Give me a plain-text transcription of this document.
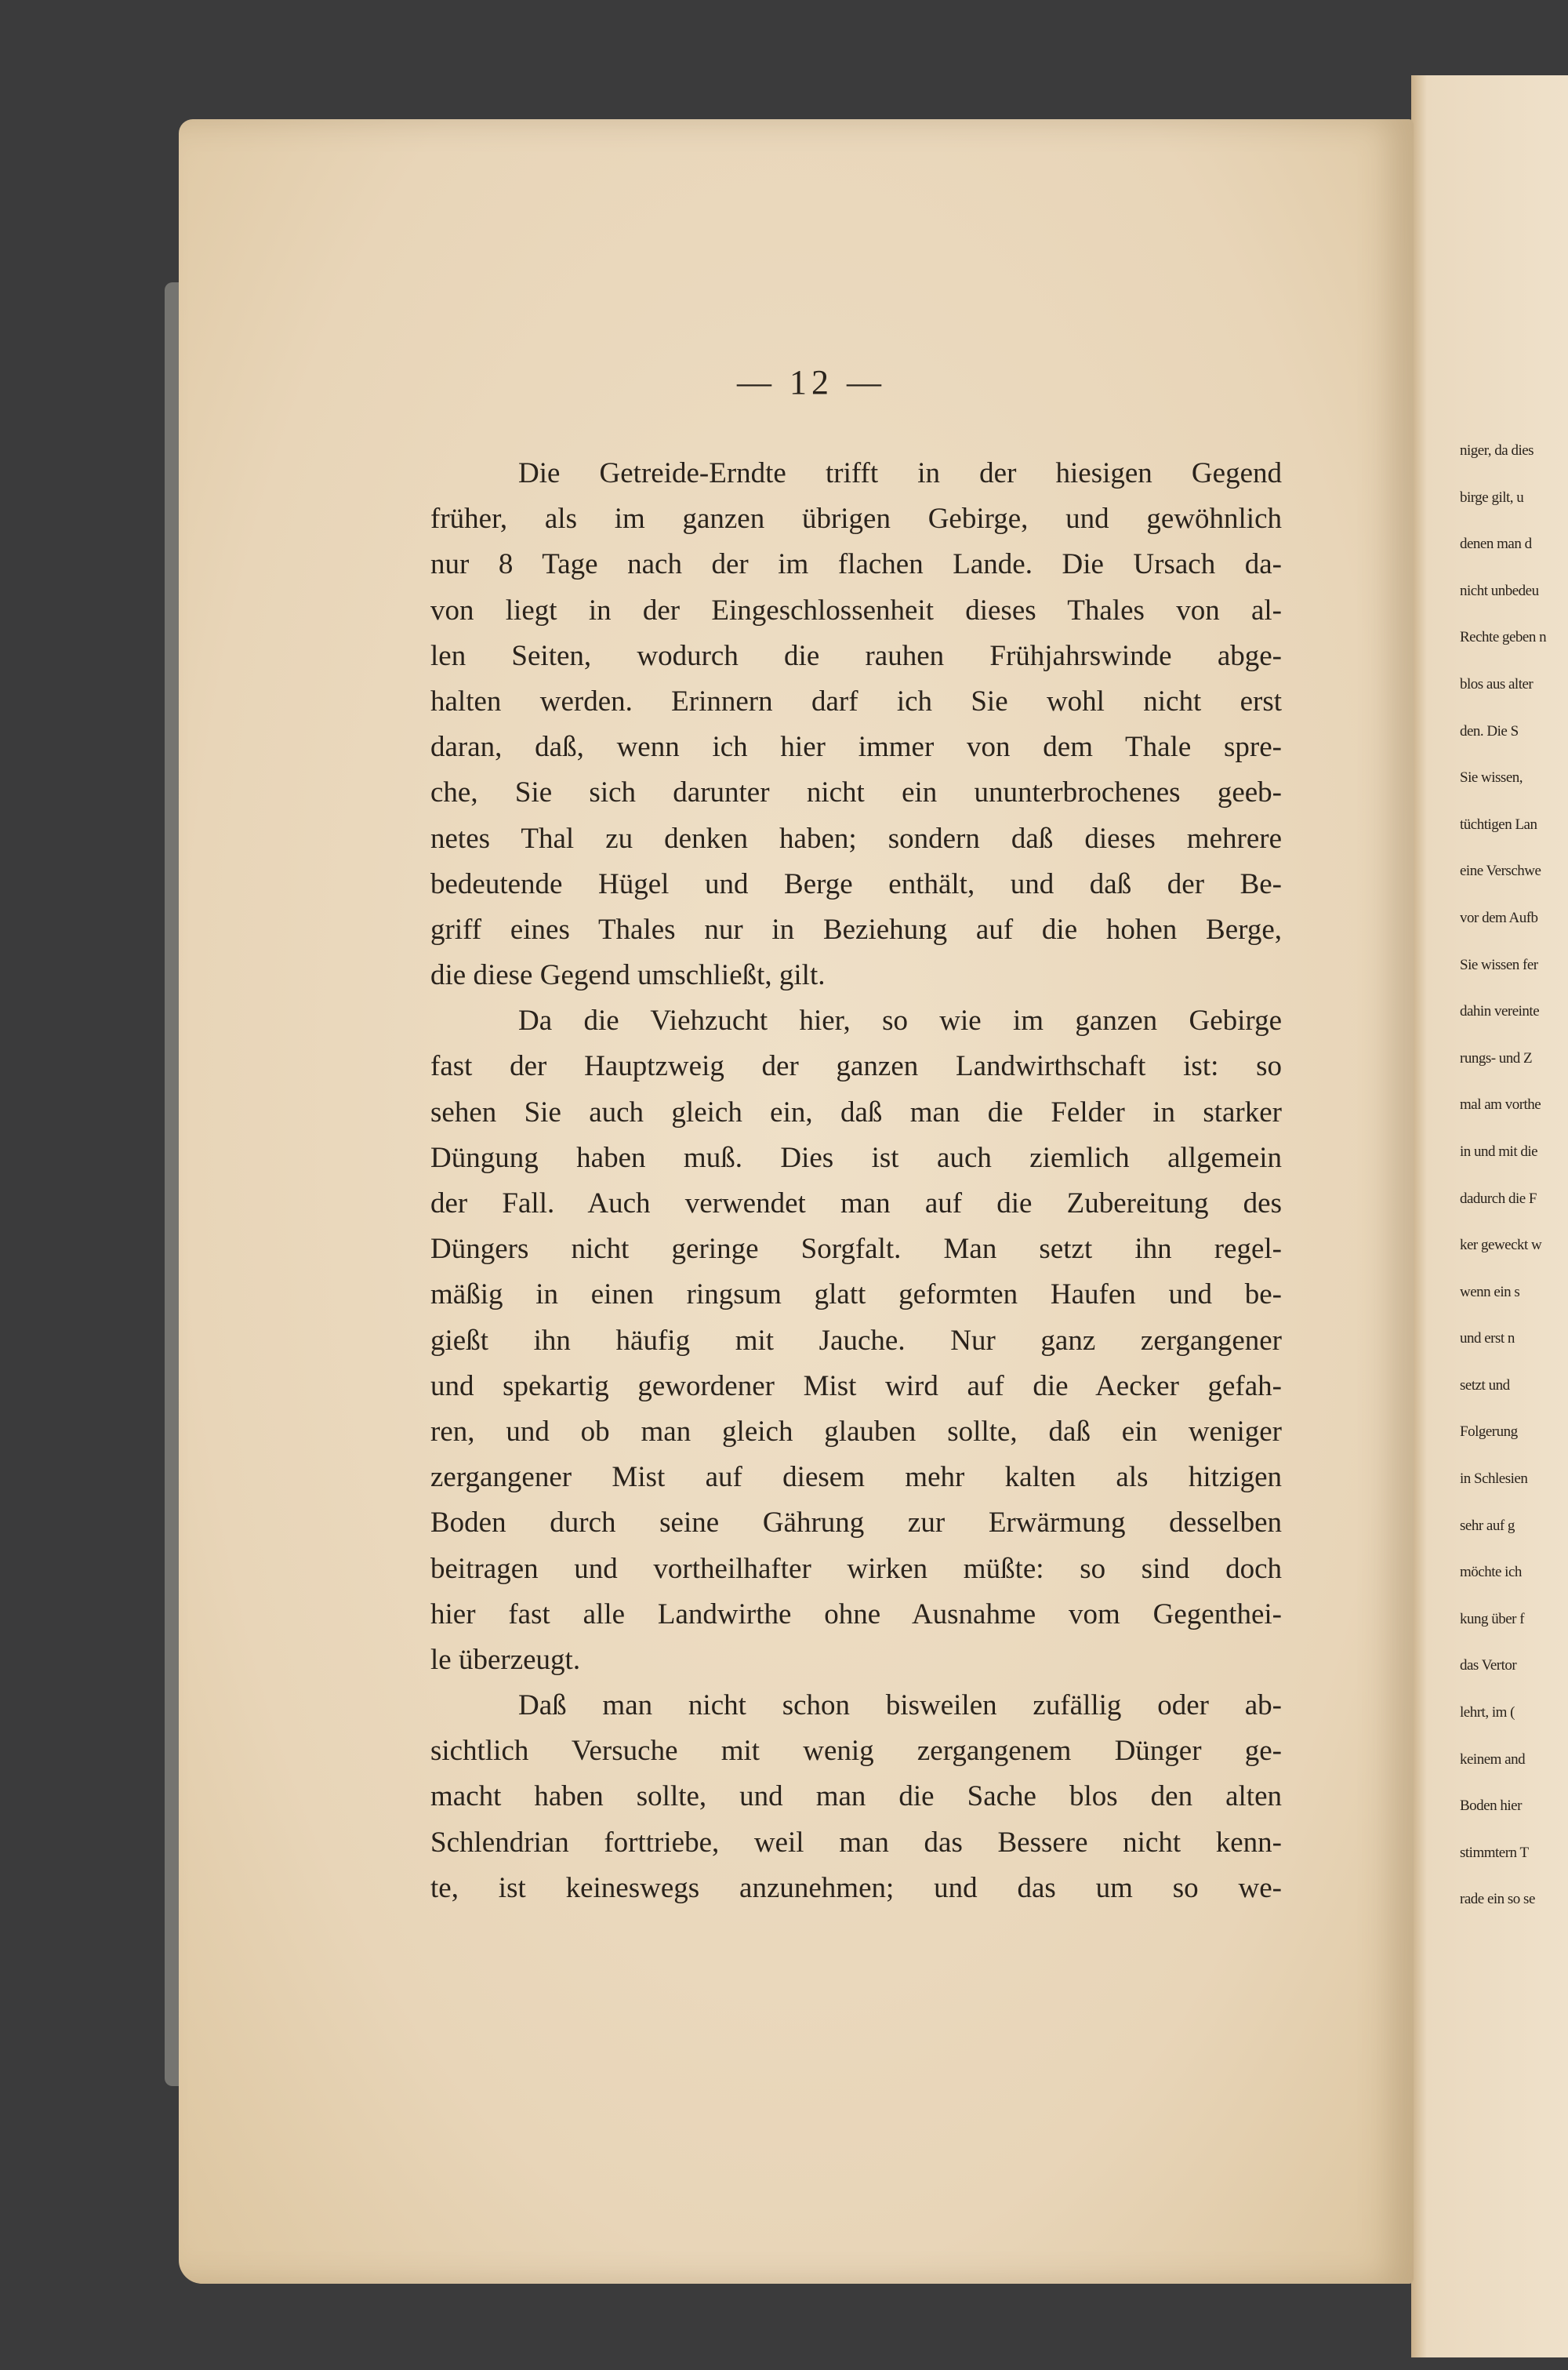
niger, da dies
birge gilt, u
denen man d
nicht unbedeu
Rechte geben n
blos aus alter
den. Die S
Sie wissen,
tüchtigen Lan
eine Verschwe
vor dem Aufb
Sie wissen fer
dahin vereinte
rungs- und Z
mal am vorthe
in und mit die
dadurch die F
ker geweckt w
wenn ein s
und erst n
setzt und
Folgerung
in Schlesien
sehr auf g
möchte ich
kung über f
das Vertor
lehrt, im (
keinem and
Boden hier
stimmtern T
rade ein so se
— 12 —
Die Getreide-Erndte trifft in der hiesigen Gegend
früher, als im ganzen übrigen Gebirge, und gewöhnlich
nur 8 Tage nach der im flachen Lande. Die Ursach da-
von liegt in der Eingeschlossenheit dieses Thales von al-
len Seiten, wodurch die rauhen Frühjahrswinde abge-
halten werden. Erinnern darf ich Sie wohl nicht erst
daran, daß, wenn ich hier immer von dem Thale spre-
che, Sie sich darunter nicht ein ununterbrochenes geeb-
netes Thal zu denken haben; sondern daß dieses mehrere
bedeutende Hügel und Berge enthält, und daß der Be-
griff eines Thales nur in Beziehung auf die hohen Berge,
die diese Gegend umschließt, gilt.
Da die Viehzucht hier, so wie im ganzen Gebirge
fast der Hauptzweig der ganzen Landwirthschaft ist: so
sehen Sie auch gleich ein, daß man die Felder in starker
Düngung haben muß. Dies ist auch ziemlich allgemein
der Fall. Auch verwendet man auf die Zubereitung des
Düngers nicht geringe Sorgfalt. Man setzt ihn regel-
mäßig in einen ringsum glatt geformten Haufen und be-
gießt ihn häufig mit Jauche. Nur ganz zergangener
und spekartig gewordener Mist wird auf die Aecker gefah-
ren, und ob man gleich glauben sollte, daß ein weniger
zergangener Mist auf diesem mehr kalten als hitzigen
Boden durch seine Gährung zur Erwärmung desselben
beitragen und vortheilhafter wirken müßte: so sind doch
hier fast alle Landwirthe ohne Ausnahme vom Gegenthei-
le überzeugt.
Daß man nicht schon bisweilen zufällig oder ab-
sichtlich Versuche mit wenig zergangenem Dünger ge-
macht haben sollte, und man die Sache blos den alten
Schlendrian forttriebe, weil man das Bessere nicht kenn-
te, ist keineswegs anzunehmen; und das um so we-
